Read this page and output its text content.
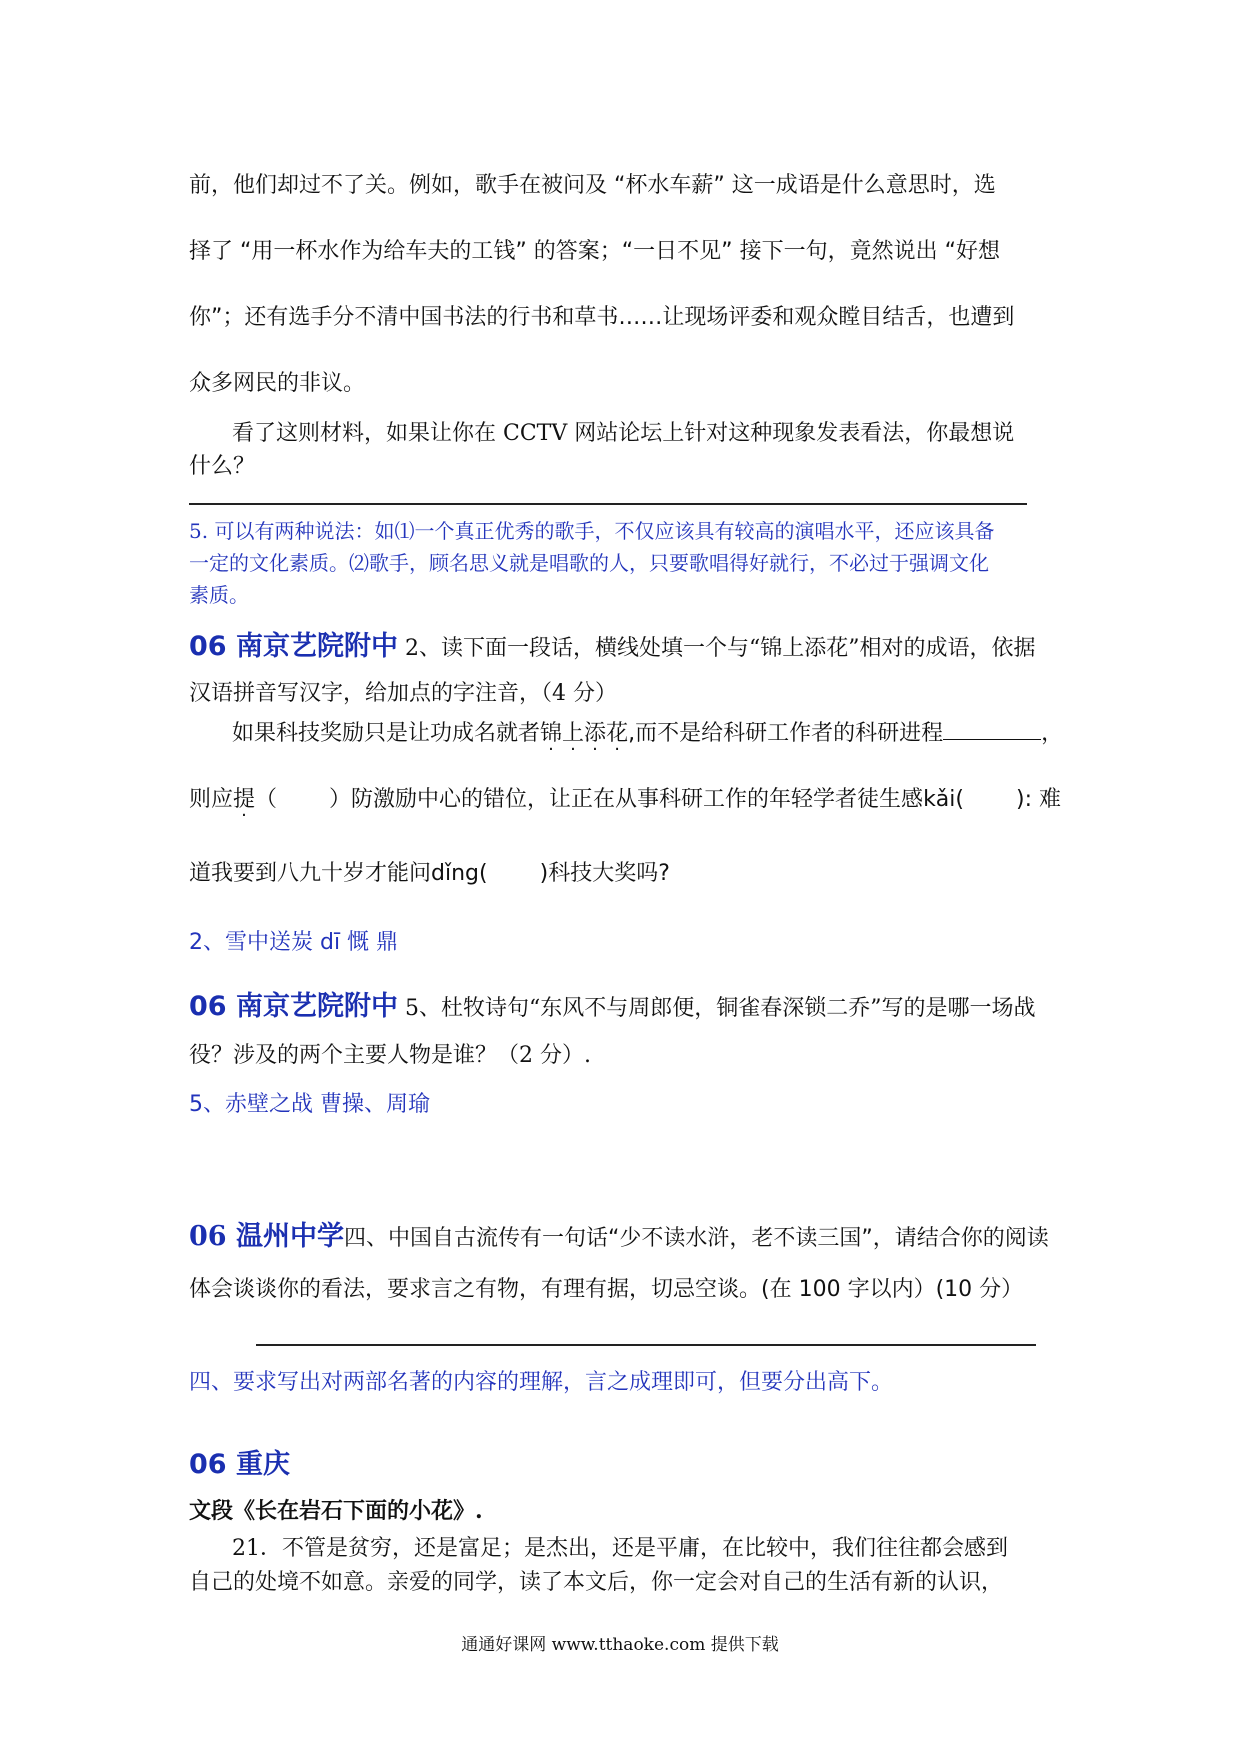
前，他们却过不了关。例如，歌手在被问及 “杯水车薪” 这一成语是什么意思时，选
择了 “用一杯水作为给车夫的工钱” 的答案；“一日不见” 接下一句，竟然说出 “好想
你”；还有选手分不清中国书法的行书和草书……让现场评委和观众瞠目结舌，也遭到
众多网民的非议。
看了这则材料，如果让你在 CCTV 网站论坛上针对这种现象发表看法，你最想说
什么？
5. 可以有两种说法：如⑴一个真正优秀的歌手，不仅应该具有较高的演唱水平，还应该具备
一定的文化素质。⑵歌手，顾名思义就是唱歌的人，只要歌唱得好就行，不必过于强调文化
素质。
06 南京艺院附中 2、读下面一段话，横线处填一个与“锦上添花”相对的成语，依据
汉语拼音写汉字，给加点的字注音，（4 分）
如果科技奖励只是让功成名就者锦上添花,而不是给科研工作者的科研进程	，
则应提（ ）防激励中心的错位，让正在从事科研工作的年轻学者徒生感kǎi( ): 难
道我要到八九十岁才能问dǐng( )科技大奖吗?
2、雪中送炭 dī 慨 鼎
06 南京艺院附中 5、杜牧诗句“东风不与周郎便，铜雀春深锁二乔”写的是哪一场战
役？涉及的两个主要人物是谁？（2 分）.
5、赤壁之战 曹操、周瑜
06 温州中学四、中国自古流传有一句话“少不读水浒，老不读三国”，请结合你的阅读
体会谈谈你的看法，要求言之有物，有理有据，切忌空谈。(在 100 字以内）(10 分）
四、要求写出对两部名著的内容的理解，言之成理即可，但要分出高下。
06 重庆
文段《长在岩石下面的小花》.
21．不管是贫穷，还是富足；是杰出，还是平庸，在比较中，我们往往都会感到
自己的处境不如意。亲爱的同学，读了本文后，你一定会对自己的生活有新的认识，
通通好课网 www.tthaoke.com 提供下载
